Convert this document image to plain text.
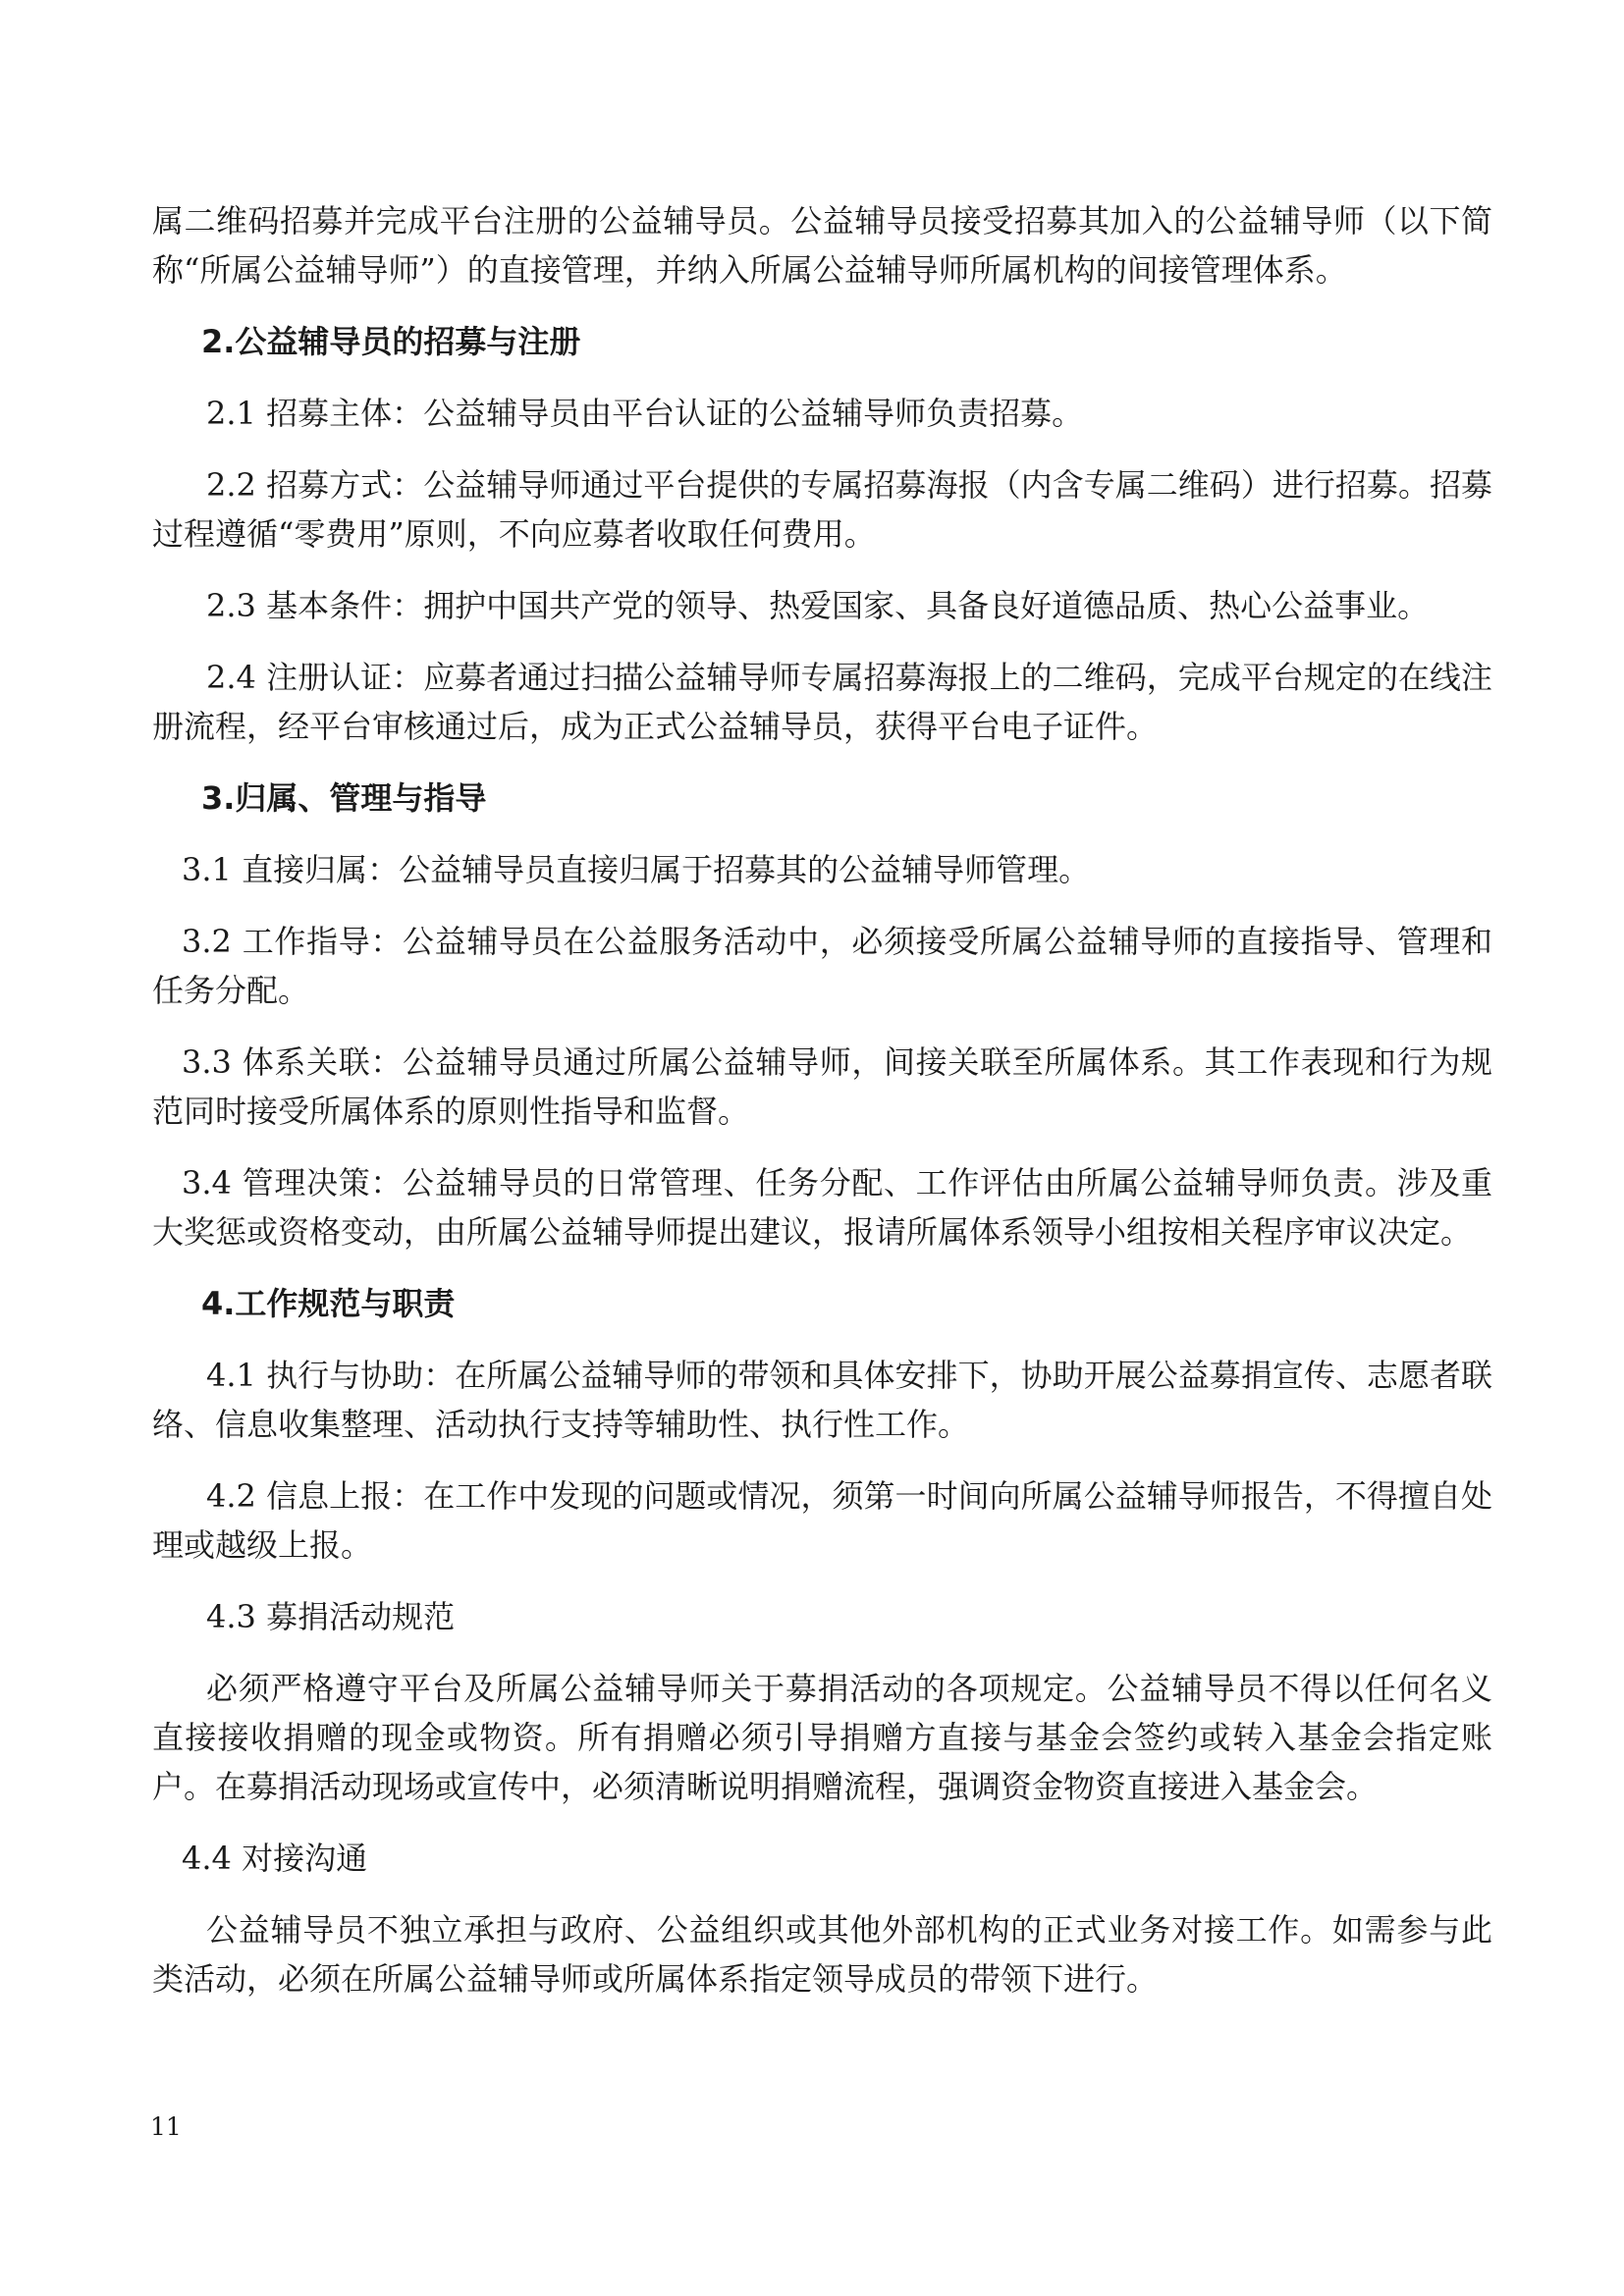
属二维码招募并完成平台注册的公益辅导员。公益辅导员接受招募其加入的公益辅导师（以下简称“所属公益辅导师”）的直接管理，并纳入所属公益辅导师所属机构的间接管理体系。

2.公益辅导员的招募与注册

2.1 招募主体：公益辅导员由平台认证的公益辅导师负责招募。

2.2 招募方式：公益辅导师通过平台提供的专属招募海报（内含专属二维码）进行招募。招募过程遵循“零费用”原则，不向应募者收取任何费用。

2.3 基本条件：拥护中国共产党的领导、热爱国家、具备良好道德品质、热心公益事业。

2.4 注册认证：应募者通过扫描公益辅导师专属招募海报上的二维码，完成平台规定的在线注册流程，经平台审核通过后，成为正式公益辅导员，获得平台电子证件。

3.归属、管理与指导

3.1 直接归属：公益辅导员直接归属于招募其的公益辅导师管理。

3.2 工作指导：公益辅导员在公益服务活动中，必须接受所属公益辅导师的直接指导、管理和任务分配。

3.3 体系关联：公益辅导员通过所属公益辅导师，间接关联至所属体系。其工作表现和行为规范同时接受所属体系的原则性指导和监督。

3.4 管理决策：公益辅导员的日常管理、任务分配、工作评估由所属公益辅导师负责。涉及重大奖惩或资格变动，由所属公益辅导师提出建议，报请所属体系领导小组按相关程序审议决定。

4.工作规范与职责

4.1 执行与协助：在所属公益辅导师的带领和具体安排下，协助开展公益募捐宣传、志愿者联络、信息收集整理、活动执行支持等辅助性、执行性工作。

4.2 信息上报：在工作中发现的问题或情况，须第一时间向所属公益辅导师报告，不得擅自处理或越级上报。

4.3 募捐活动规范

必须严格遵守平台及所属公益辅导师关于募捐活动的各项规定。公益辅导员不得以任何名义直接接收捐赠的现金或物资。所有捐赠必须引导捐赠方直接与基金会签约或转入基金会指定账户。在募捐活动现场或宣传中，必须清晰说明捐赠流程，强调资金物资直接进入基金会。

4.4 对接沟通

公益辅导员不独立承担与政府、公益组织或其他外部机构的正式业务对接工作。如需参与此类活动，必须在所属公益辅导师或所属体系指定领导成员的带领下进行。

11
